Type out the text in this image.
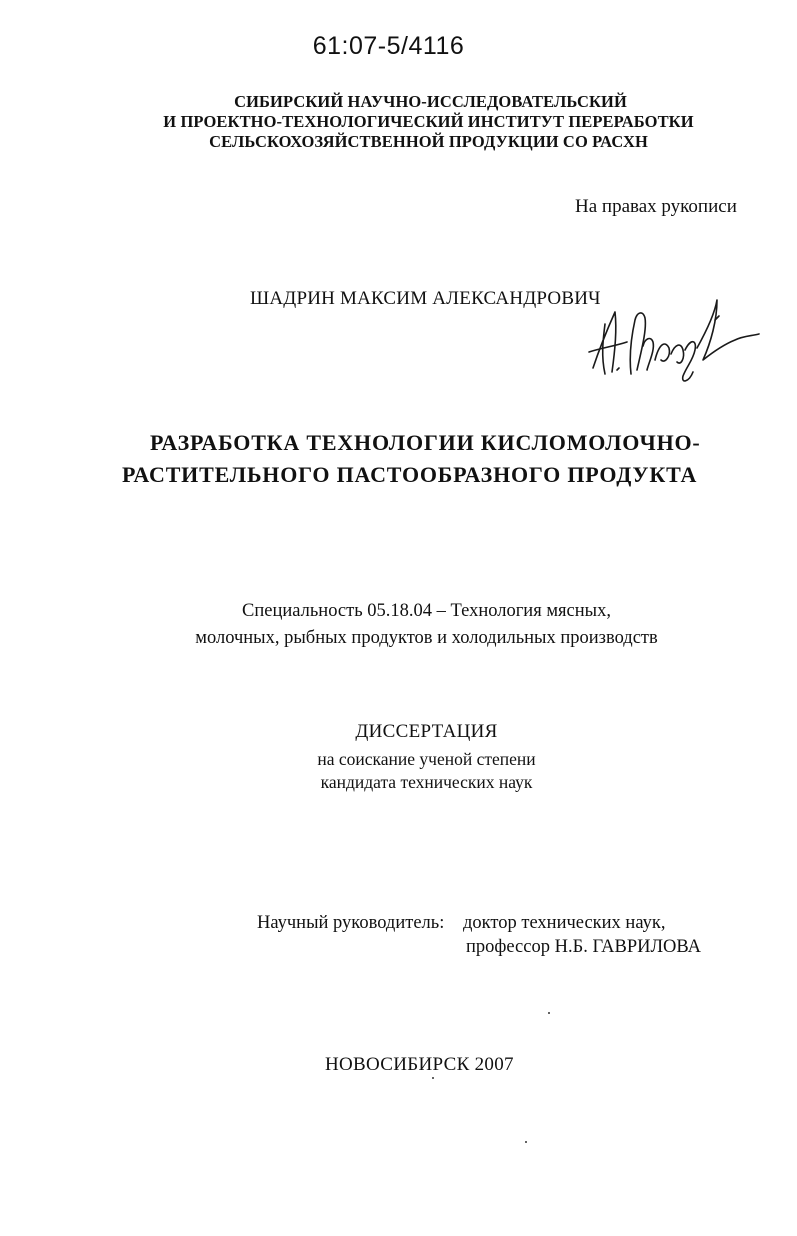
61:07-5/4116
СИБИРСКИЙ НАУЧНО-ИССЛЕДОВАТЕЛЬСКИЙ
И ПРОЕКТНО-ТЕХНОЛОГИЧЕСКИЙ ИНСТИТУТ ПЕРЕРАБОТКИ
СЕЛЬСКОХОЗЯЙСТВЕННОЙ ПРОДУКЦИИ СО РАСХН
На правах рукописи
ШАДРИН МАКСИМ АЛЕКСАНДРОВИЧ
РАЗРАБОТКА ТЕХНОЛОГИИ КИСЛОМОЛОЧНО-
РАСТИТЕЛЬНОГО ПАСТООБРАЗНОГО ПРОДУКТА
Специальность 05.18.04 – Технология мясных,
молочных, рыбных продуктов и холодильных производств
ДИССЕРТАЦИЯ
на соискание ученой степени
кандидата технических наук
Научный руководитель: доктор технических наук,
профессор Н.Б. ГАВРИЛОВА
НОВОСИБИРСК 2007
